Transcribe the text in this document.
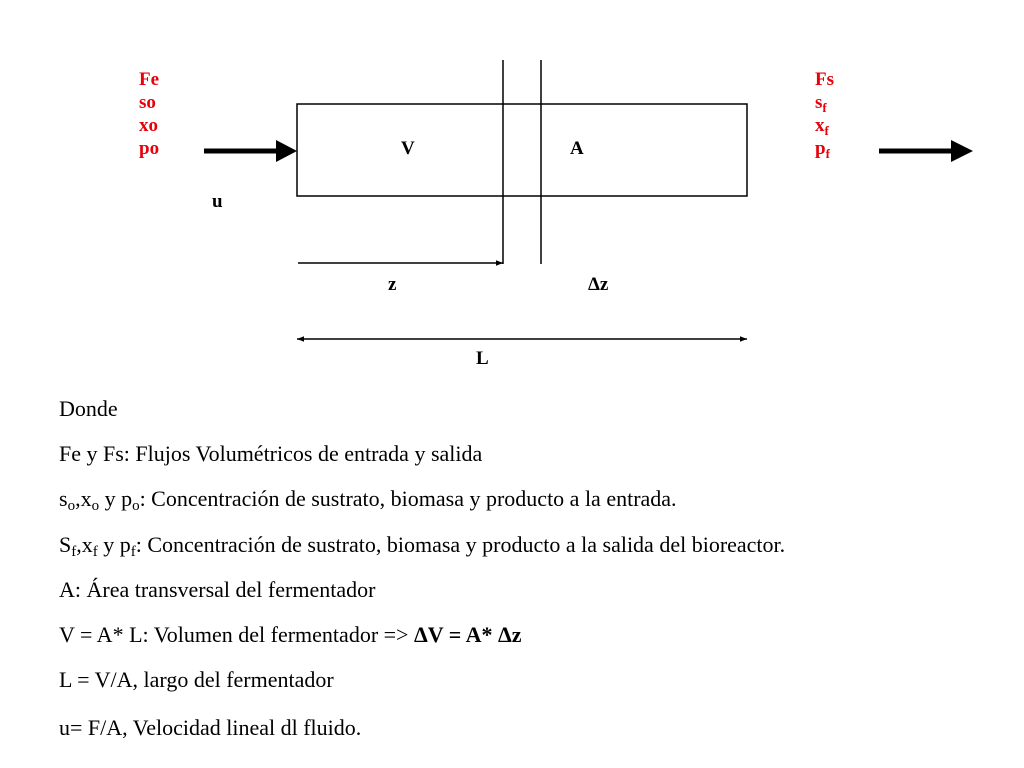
Fe
so
xo
po
Fs
$s_f$
$x_f$
$p_f$
V	A
u
z	Δz
L

Donde

Fe y Fs: Flujos Volumétricos de entrada y salida

$s_o,x_o$ y $p_o$: Concentración de sustrato, biomasa y producto a la entrada.

$S_f,x_f$ y $p_f$: Concentración de sustrato, biomasa y producto a la salida del bioreactor.

A: Área transversal del fermentador

V = A* L: Volumen del fermentador => ΔV = A* Δz

L = V/A, largo del fermentador

u= F/A, Velocidad lineal dl fluido.
